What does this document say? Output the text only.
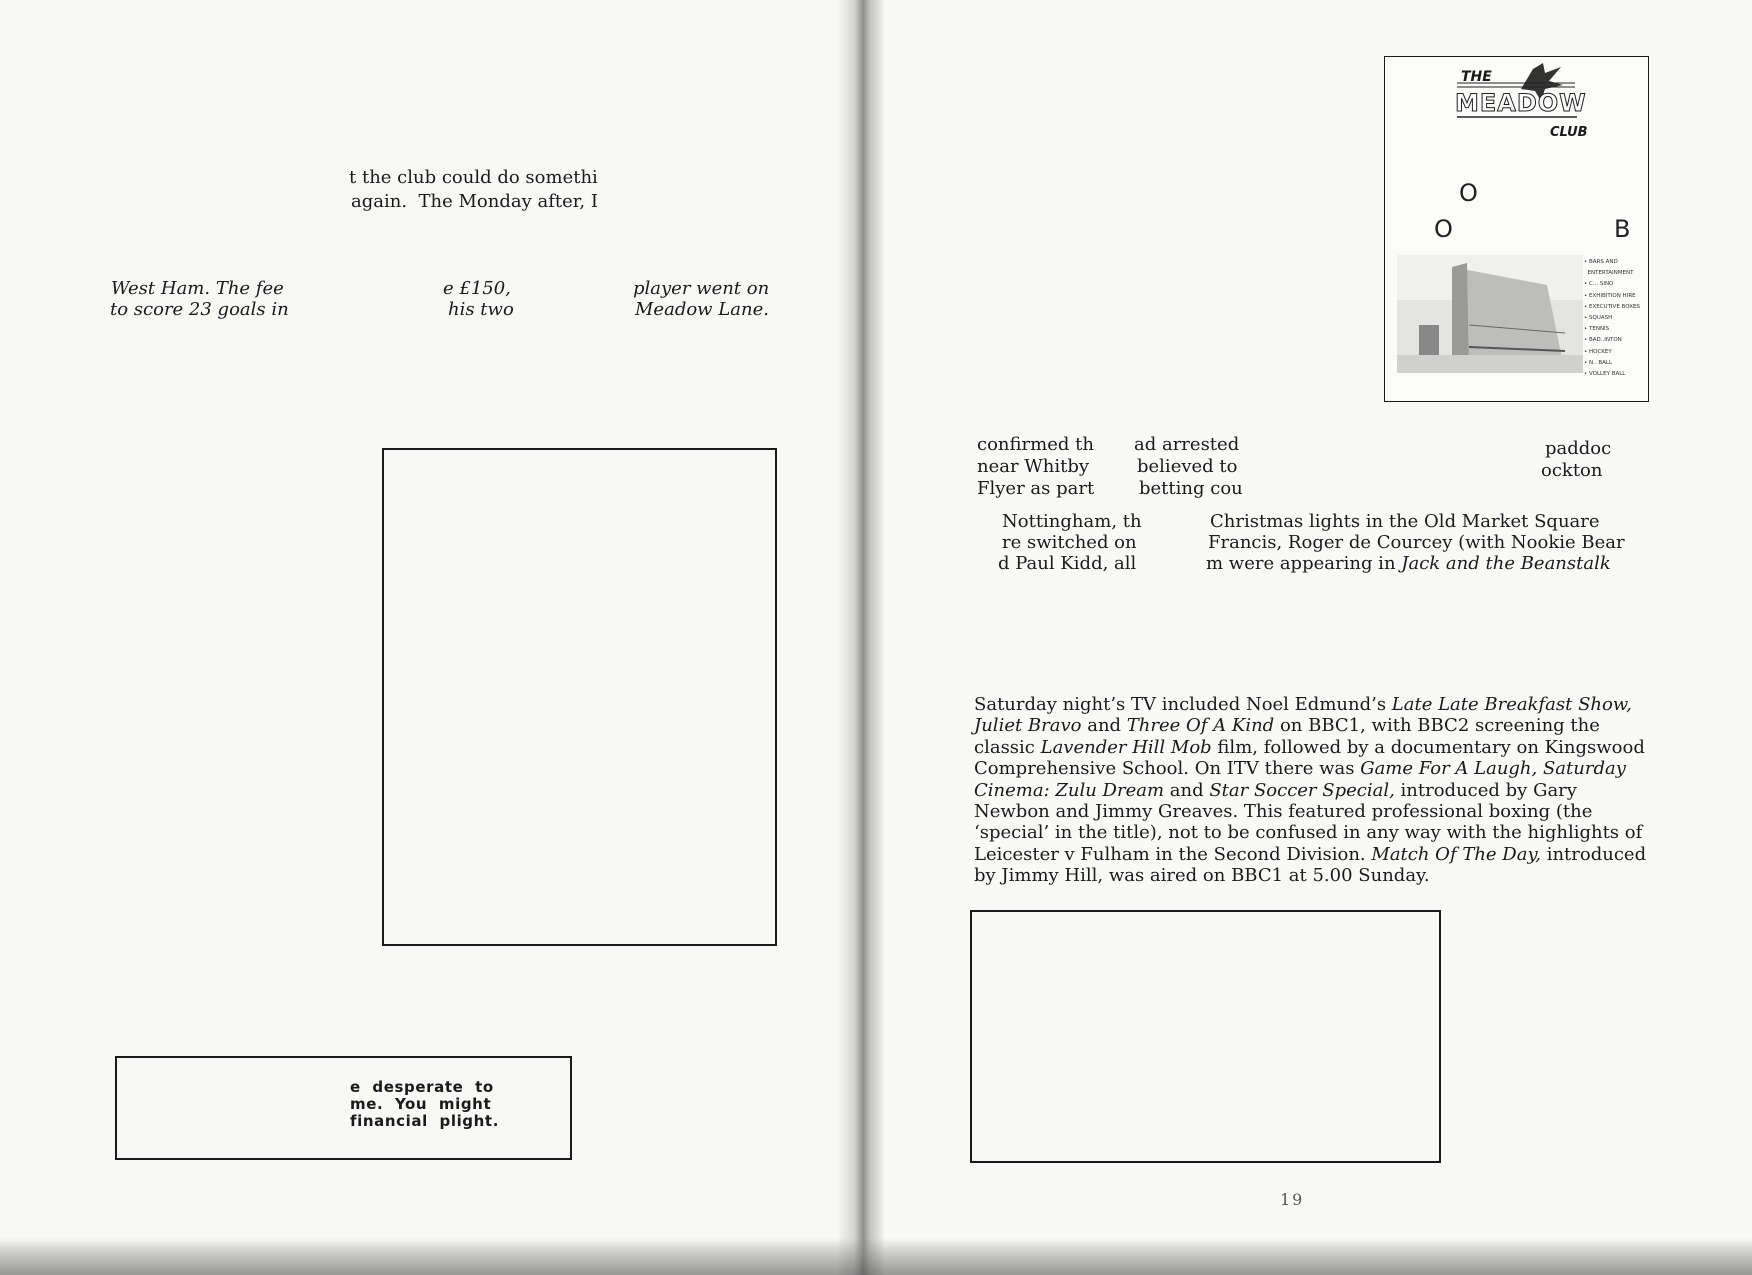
t the club could do somethi
again.  The Monday after, I
West Ham. The fee
to score 23 goals in
e £150,
his two
player went on
Meadow Lane.
e  desperate  to
me.  You  might
financial  plight.
THE
MEADOW
CLUB
O
O	B
• BARS AND
ENTERTAINMENT
• C... SINO
• EXHIBITION HIRE
• EXECUTIVE BOXES
• SQUASH
• TENNIS
• BAD..INTON
• HOCKEY
• N.. BALL
• VOLLEY BALL
confirmed th
near Whitby
Flyer as part
ad arrested
believed to
betting cou
paddoc
ockton
Nottingham, th
re switched on
d Paul Kidd, all
Christmas lights in the Old Market Square
Francis, Roger de Courcey (with Nookie Bear
m were appearing in Jack and the Beanstalk

Saturday night’s TV included Noel Edmund’s Late Late Breakfast Show, Juliet Bravo and Three Of A Kind on BBC1, with BBC2 screening the classic Lavender Hill Mob film, followed by a documentary on Kingswood Comprehensive School. On ITV there was Game For A Laugh, Saturday Cinema: Zulu Dream and Star Soccer Special, introduced by Gary Newbon and Jimmy Greaves. This featured professional boxing (the ‘special’ in the title), not to be confused in any way with the highlights of Leicester v Fulham in the Second Division. Match Of The Day, introduced by Jimmy Hill, was aired on BBC1 at 5.00 Sunday.

19
